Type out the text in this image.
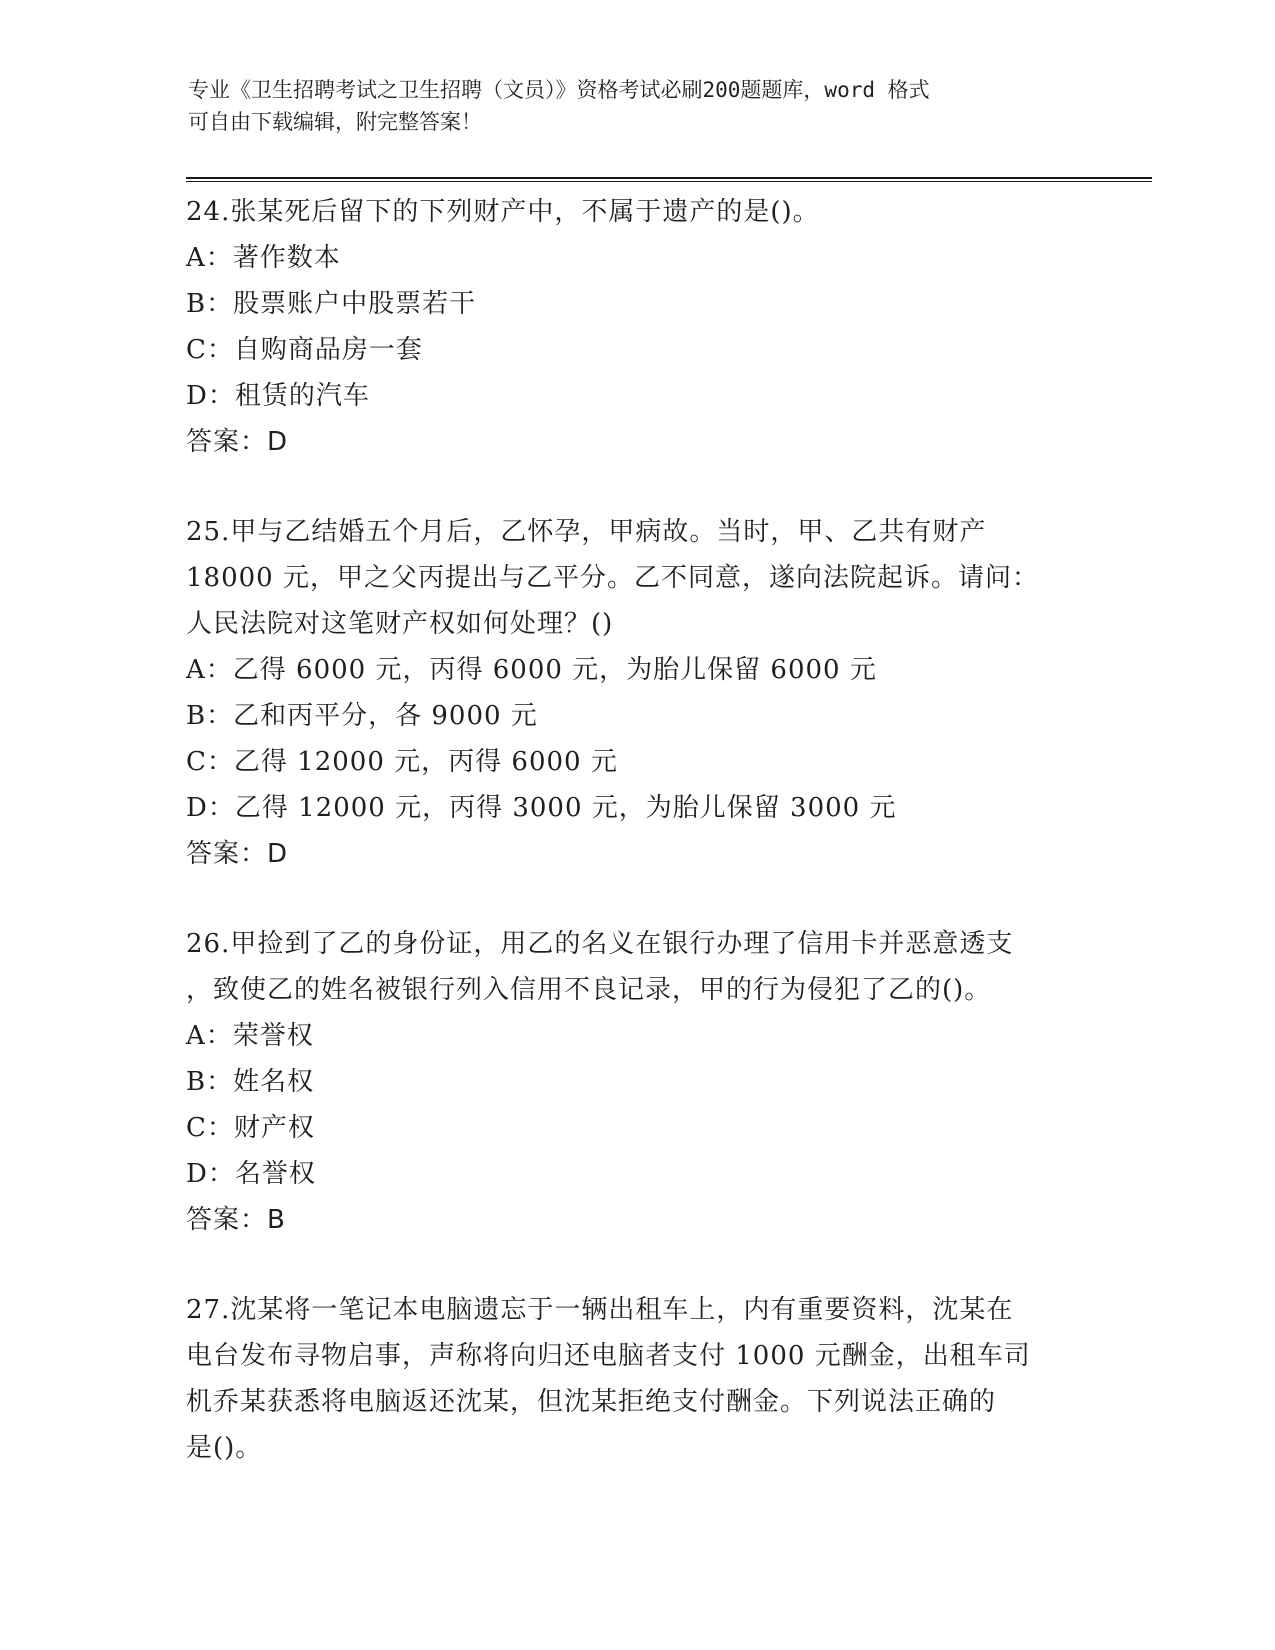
专业《卫生招聘考试之卫生招聘（文员）》资格考试必刷200题题库，word 格式
可自由下载编辑，附完整答案！
24.张某死后留下的下列财产中，不属于遗产的是()。
A：著作数本
B：股票账户中股票若干
C：自购商品房一套
D：租赁的汽车
答案：D
25.甲与乙结婚五个月后，乙怀孕，甲病故。当时，甲、乙共有财产
18000 元，甲之父丙提出与乙平分。乙不同意，遂向法院起诉。请问：
人民法院对这笔财产权如何处理？()
A：乙得 6000 元，丙得 6000 元，为胎儿保留 6000 元
B：乙和丙平分，各 9000 元
C：乙得 12000 元，丙得 6000 元
D：乙得 12000 元，丙得 3000 元，为胎儿保留 3000 元
答案：D
26.甲捡到了乙的身份证，用乙的名义在银行办理了信用卡并恶意透支
，致使乙的姓名被银行列入信用不良记录，甲的行为侵犯了乙的()。
A：荣誉权
B：姓名权
C：财产权
D：名誉权
答案：B
27.沈某将一笔记本电脑遗忘于一辆出租车上，内有重要资料，沈某在
电台发布寻物启事，声称将向归还电脑者支付 1000 元酬金，出租车司
机乔某获悉将电脑返还沈某，但沈某拒绝支付酬金。下列说法正确的
是()。
